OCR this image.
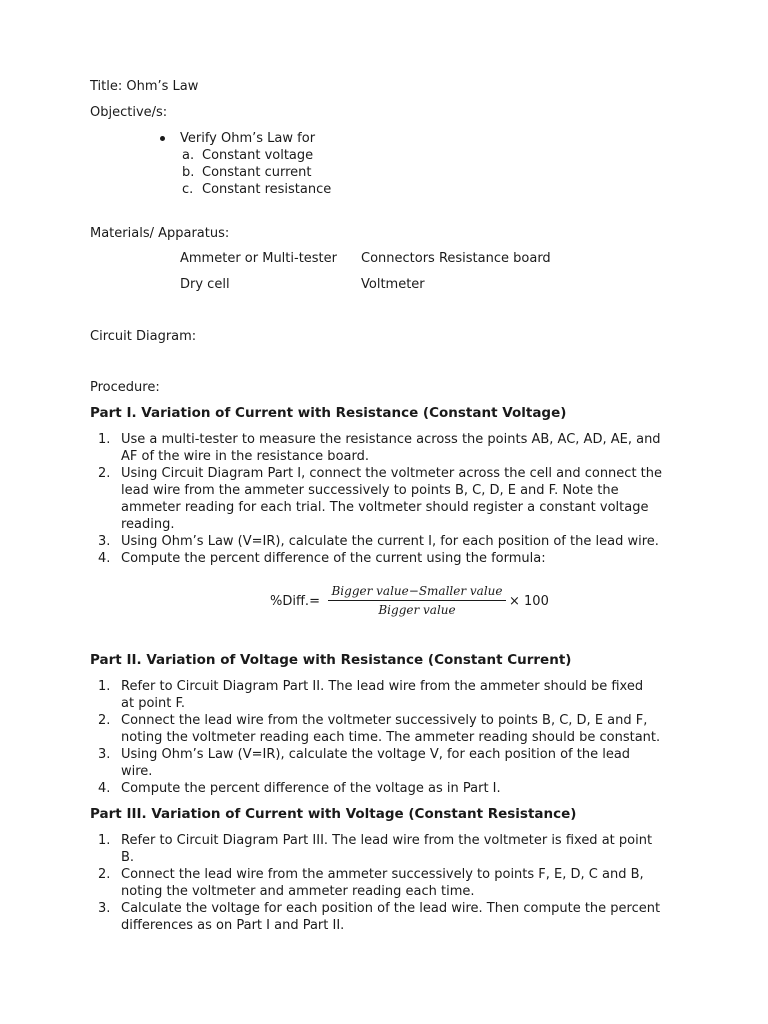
Title: Ohm’s Law
Objective/s:
Verify Ohm’s Law for
a. Constant voltage
b. Constant current
c. Constant resistance
Materials/ Apparatus:
Ammeter or Multi-tester Connectors Resistance board
Dry cell	Voltmeter
Circuit Diagram:
Procedure:
Part I. Variation of Current with Resistance (Constant Voltage)
1. Use a multi-tester to measure the resistance across the points AB, AC, AD, AE, and
AF of the wire in the resistance board.
2. Using Circuit Diagram Part I, connect the voltmeter across the cell and connect the
lead wire from the ammeter successively to points B, C, D, E and F. Note the
ammeter reading for each trial. The voltmeter should register a constant voltage
reading.
3. Using Ohm’s Law (V=IR), calculate the current I, for each position of the lead wire.
4. Compute the percent difference of the current using the formula:
%Diff.=
Bigger value−Smaller value
Bigger value
× 100
Part II. Variation of Voltage with Resistance (Constant Current)
1. Refer to Circuit Diagram Part II. The lead wire from the ammeter should be fixed
at point F.
2. Connect the lead wire from the voltmeter successively to points B, C, D, E and F,
noting the voltmeter reading each time. The ammeter reading should be constant.
3. Using Ohm’s Law (V=IR), calculate the voltage V, for each position of the lead
wire.
4. Compute the percent difference of the voltage as in Part I.
Part III. Variation of Current with Voltage (Constant Resistance)
1. Refer to Circuit Diagram Part III. The lead wire from the voltmeter is fixed at point
B.
2. Connect the lead wire from the ammeter successively to points F, E, D, C and B,
noting the voltmeter and ammeter reading each time.
3. Calculate the voltage for each position of the lead wire. Then compute the percent
differences as on Part I and Part II.
